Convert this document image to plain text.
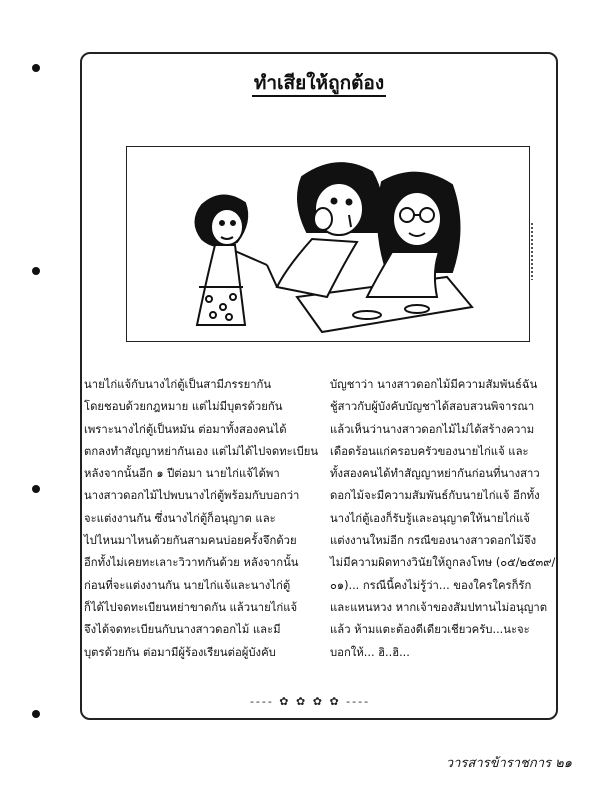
ทำเสียให้ถูกต้อง

นายไก่แจ้กับนางไก่ตู้เป็นสามีภรรยากัน

โดยชอบด้วยกฎหมาย แต่ไม่มีบุตรด้วยกัน

เพราะนางไก่ตู้เป็นหมัน ต่อมาทั้งสองคนได้

ตกลงทำสัญญาหย่ากันเอง แต่ไม่ได้ไปจดทะเบียน

หลังจากนั้นอีก ๑ ปีต่อมา นายไก่แจ้ได้พา

นางสาวดอกไม้ไปพบนางไก่ตู้พร้อมกับบอกว่า

จะแต่งงานกัน ซึ่งนางไก่ตู้ก็อนุญาต และ

ไปไหนมาไหนด้วยกันสามคนบ่อยครั้งจึกด้วย

อีกทั้งไม่เคยทะเลาะวิวาทกันด้วย หลังจากนั้น

ก่อนที่จะแต่งงานกัน นายไก่แจ้และนางไก่ตู้

ก็ได้ไปจดทะเบียนหย่าขาดกัน แล้วนายไก่แจ้

จึงได้จดทะเบียนกับนางสาวดอกไม้ และมี

บุตรด้วยกัน ต่อมามีผู้ร้องเรียนต่อผู้บังคับ

บัญชาว่า นางสาวดอกไม้มีความสัมพันธ์ฉัน

ชู้สาวกับผู้บังคับบัญชาได้สอบสวนพิจารณา

แล้วเห็นว่านางสาวดอกไม้ไม่ได้สร้างความ

เดือดร้อนแก่ครอบครัวของนายไก่แจ้ และ

ทั้งสองคนได้ทำสัญญาหย่ากันก่อนที่นางสาว

ดอกไม้จะมีความสัมพันธ์กับนายไก่แจ้ อีกทั้ง

นางไก่ตู้เองก็รับรู้และอนุญาตให้นายไก่แจ้

แต่งงานใหม่อีก กรณีของนางสาวดอกไม้จึง

ไม่มีความผิดทางวินัยให้ถูกลงโทษ (๐๕/๒๕๓๙/

๐๑)... กรณีนี้คงไม่รู้ว่า... ของใครใครก็รัก

และแหนหวง หากเจ้าของสัมปทานไม่อนุญาต

แล้ว ห้ามแตะต้องดีเดียวเชียวครับ...นะจะ

บอกให้... ฮิ..ฮิ...

---- ✿ ✿ ✿ ✿ ----
วารสารข้าราชการ ๒๑
